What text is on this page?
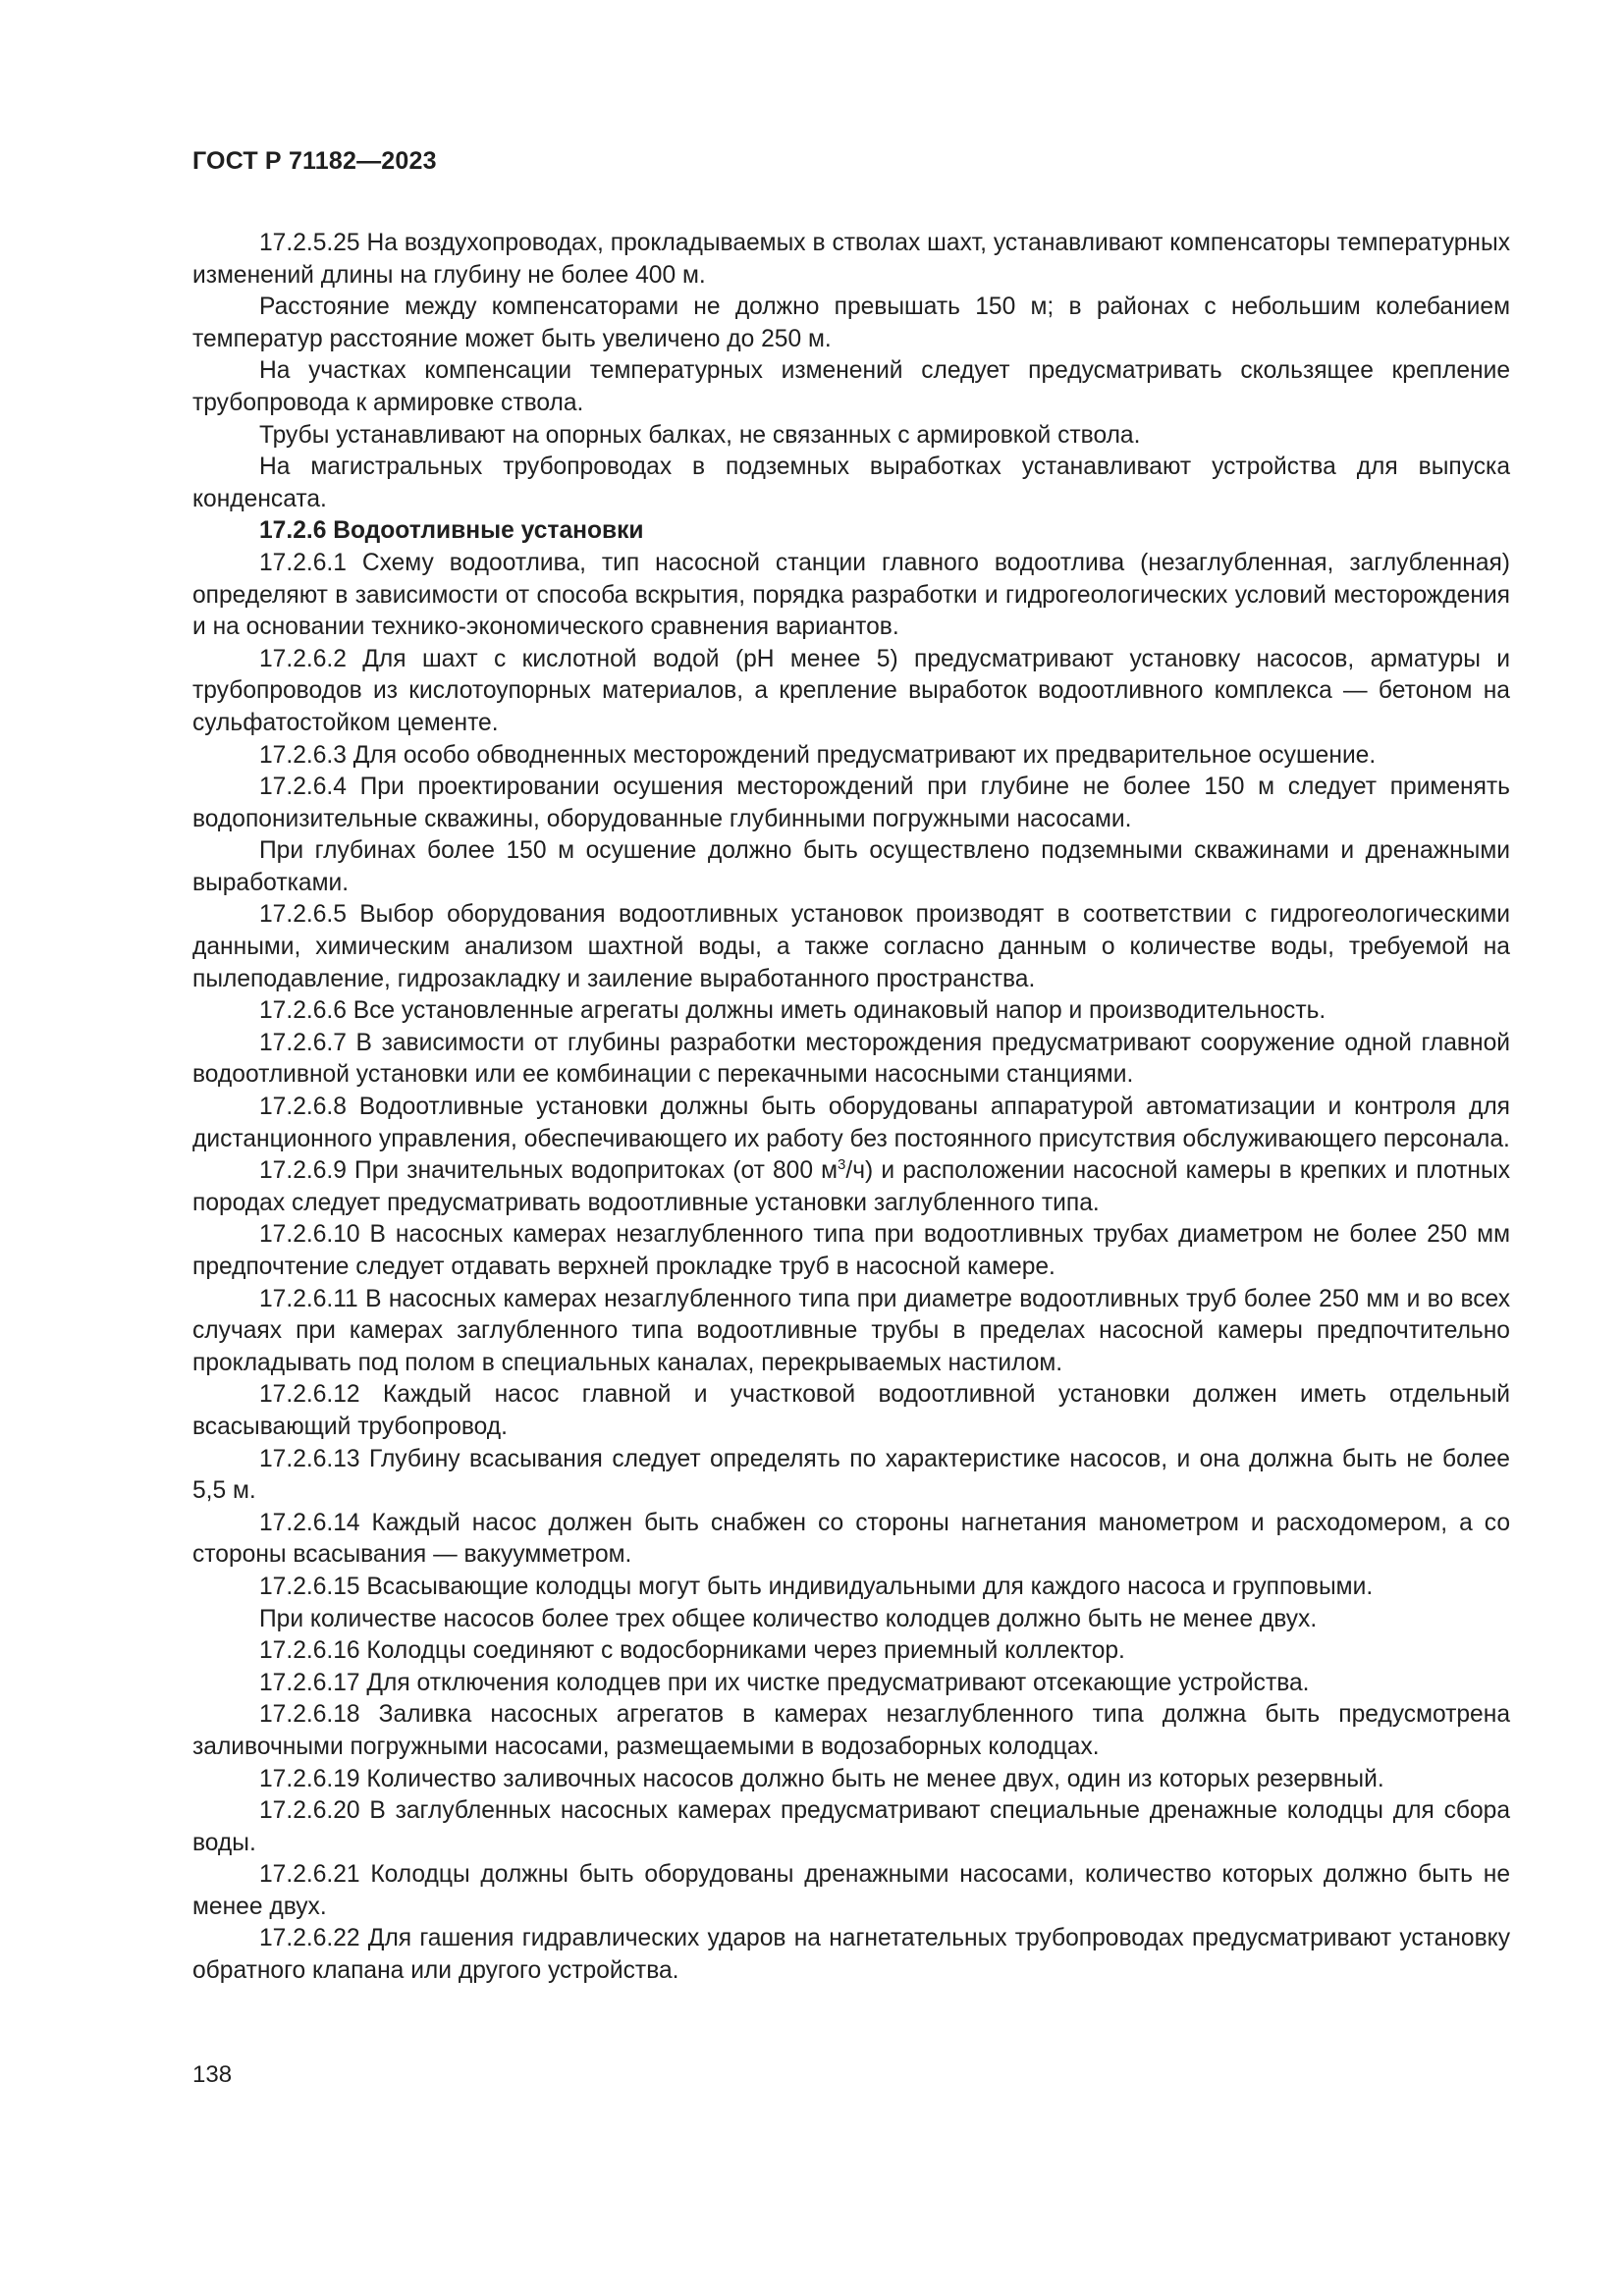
ГОСТ Р 71182—2023

17.2.5.25 На воздухопроводах, прокладываемых в стволах шахт, устанавливают компенсаторы температурных изменений длины на глубину не более 400 м.

Расстояние между компенсаторами не должно превышать 150 м; в районах с небольшим колебанием температур расстояние может быть увеличено до 250 м.

На участках компенсации температурных изменений следует предусматривать скользящее крепление трубопровода к армировке ствола.

Трубы устанавливают на опорных балках, не связанных с армировкой ствола.

На магистральных трубопроводах в подземных выработках устанавливают устройства для выпуска конденсата.

17.2.6 Водоотливные установки

17.2.6.1 Схему водоотлива, тип насосной станции главного водоотлива (незаглубленная, заглубленная) определяют в зависимости от способа вскрытия, порядка разработки и гидрогеологических условий месторождения и на основании технико-экономического сравнения вариантов.

17.2.6.2 Для шахт с кислотной водой (pH менее 5) предусматривают установку насосов, арматуры и трубопроводов из кислотоупорных материалов, а крепление выработок водоотливного комплекса — бетоном на сульфатостойком цементе.

17.2.6.3 Для особо обводненных месторождений предусматривают их предварительное осушение.

17.2.6.4 При проектировании осушения месторождений при глубине не более 150 м следует применять водопонизительные скважины, оборудованные глубинными погружными насосами.

При глубинах более 150 м осушение должно быть осуществлено подземными скважинами и дренажными выработками.

17.2.6.5 Выбор оборудования водоотливных установок производят в соответствии с гидрогеологическими данными, химическим анализом шахтной воды, а также согласно данным о количестве воды, требуемой на пылеподавление, гидрозакладку и заиление выработанного пространства.

17.2.6.6 Все установленные агрегаты должны иметь одинаковый напор и производительность.

17.2.6.7 В зависимости от глубины разработки месторождения предусматривают сооружение одной главной водоотливной установки или ее комбинации с перекачными насосными станциями.

17.2.6.8 Водоотливные установки должны быть оборудованы аппаратурой автоматизации и контроля для дистанционного управления, обеспечивающего их работу без постоянного присутствия обслуживающего персонала.

17.2.6.9 При значительных водопритоках (от 800 $м^3/ч$) и расположении насосной камеры в крепких и плотных породах следует предусматривать водоотливные установки заглубленного типа.

17.2.6.10 В насосных камерах незаглубленного типа при водоотливных трубах диаметром не более 250 мм предпочтение следует отдавать верхней прокладке труб в насосной камере.

17.2.6.11 В насосных камерах незаглубленного типа при диаметре водоотливных труб более 250 мм и во всех случаях при камерах заглубленного типа водоотливные трубы в пределах насосной камеры предпочтительно прокладывать под полом в специальных каналах, перекрываемых настилом.

17.2.6.12 Каждый насос главной и участковой водоотливной установки должен иметь отдельный всасывающий трубопровод.

17.2.6.13 Глубину всасывания следует определять по характеристике насосов, и она должна быть не более 5,5 м.

17.2.6.14 Каждый насос должен быть снабжен со стороны нагнетания манометром и расходомером, а со стороны всасывания — вакуумметром.

17.2.6.15 Всасывающие колодцы могут быть индивидуальными для каждого насоса и групповыми.

При количестве насосов более трех общее количество колодцев должно быть не менее двух.

17.2.6.16 Колодцы соединяют с водосборниками через приемный коллектор.

17.2.6.17 Для отключения колодцев при их чистке предусматривают отсекающие устройства.

17.2.6.18 Заливка насосных агрегатов в камерах незаглубленного типа должна быть предусмотрена заливочными погружными насосами, размещаемыми в водозаборных колодцах.

17.2.6.19 Количество заливочных насосов должно быть не менее двух, один из которых резервный.

17.2.6.20 В заглубленных насосных камерах предусматривают специальные дренажные колодцы для сбора воды.

17.2.6.21 Колодцы должны быть оборудованы дренажными насосами, количество которых должно быть не менее двух.

17.2.6.22 Для гашения гидравлических ударов на нагнетательных трубопроводах предусматривают установку обратного клапана или другого устройства.

138
